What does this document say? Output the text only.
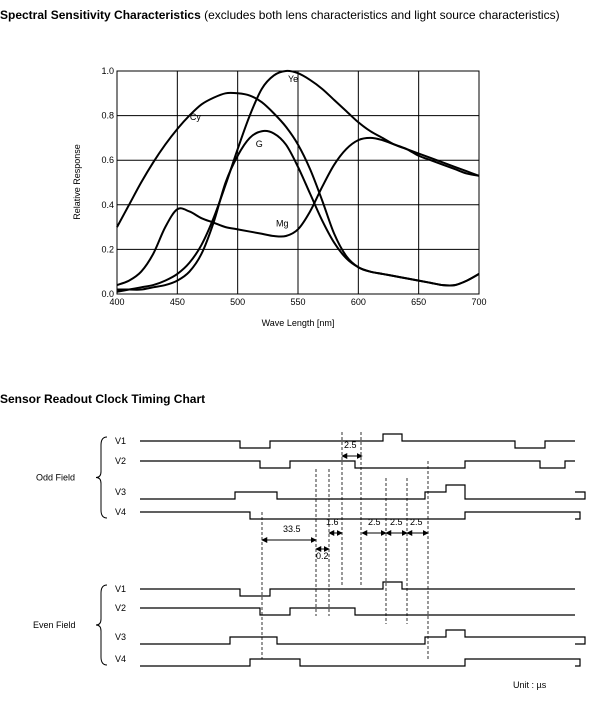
Spectral Sensitivity Characteristics (excludes both lens characteristics and light source characteristics)
Sensor Readout Clock Timing Chart
400	450	500	550	600	650	700
0.0
0.2
0.4
0.6
0.8
1.0
Cy
Ye
G
Mg
Wave Length [nm]
Relative Response
Odd Field
V1
V2
V3
V4
Even Field
V1
V2
V3
V4
2.5
33.5
1.6
0.2
2.5 2.5 2.5
Unit : µs
